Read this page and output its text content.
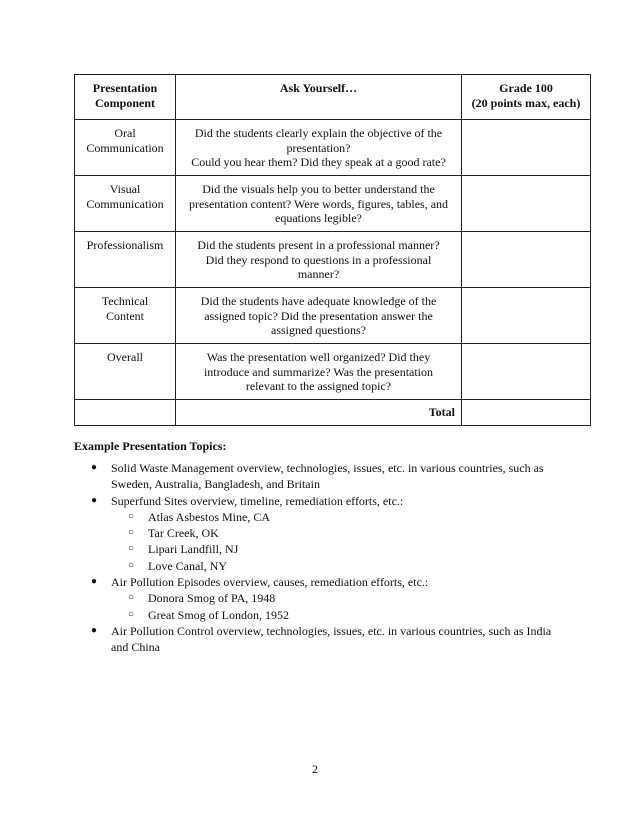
Presentation
Component	Ask Yourself…	Grade 100
(20 points max, each)

Oral
Communication	Did the students clearly explain the objective of the
presentation?
Could you hear them? Did they speak at a good rate?	

Visual
Communication	Did the visuals help you to better understand the
presentation content? Were words, figures, tables, and
equations legible?	

Professionalism	Did the students present in a professional manner?
Did they respond to questions in a professional
manner?	

Technical
Content	Did the students have adequate knowledge of the
assigned topic? Did the presentation answer the
assigned questions?	

Overall	Was the presentation well organized? Did they
introduce and summarize? Was the presentation
relevant to the assigned topic?	

	Total	
Example Presentation Topics:
● Solid Waste Management overview, technologies, issues, etc. in various countries, such as Sweden, Australia, Bangladesh, and Britain
● Superfund Sites overview, timeline, remediation efforts, etc.:
○ Atlas Asbestos Mine, CA
○ Tar Creek, OK
○ Lipari Landfill, NJ
○ Love Canal, NY
● Air Pollution Episodes overview, causes, remediation efforts, etc.:
○ Donora Smog of PA, 1948
○ Great Smog of London, 1952
● Air Pollution Control overview, technologies, issues, etc. in various countries, such as India and China
2
